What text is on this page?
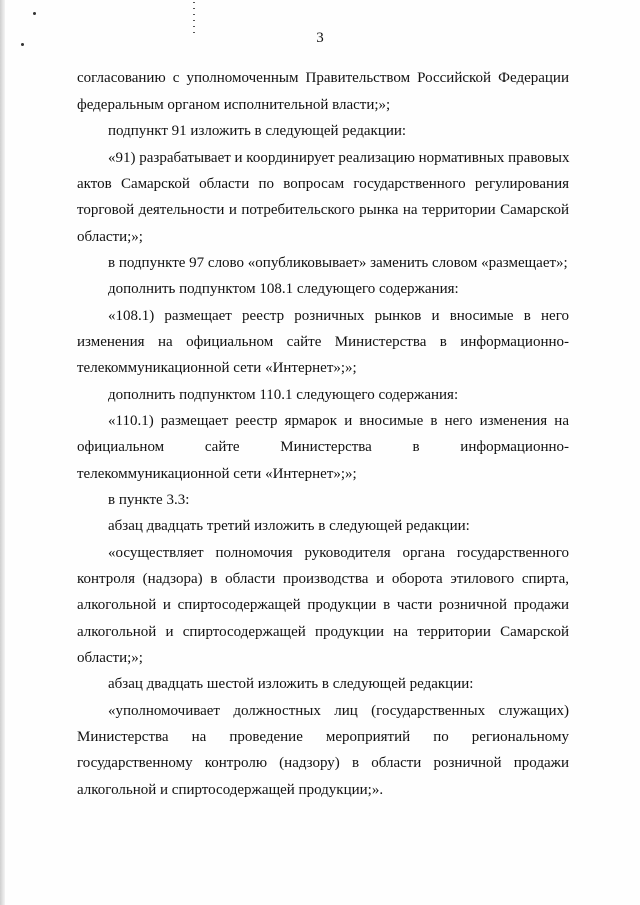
3
согласованию с уполномоченным Правительством Российской Федерации
федеральным органом исполнительной власти;»;
подпункт 91 изложить в следующей редакции:
«91) разрабатывает и координирует реализацию нормативных правовых
актов Самарской области по вопросам государственного регулирования
торговой деятельности и потребительского рынка на территории Самарской
области;»;
в подпункте 97 слово «опубликовывает» заменить словом «размещает»;
дополнить подпунктом 108.1 следующего содержания:
«108.1) размещает реестр розничных рынков и вносимые в него
изменения на официальном сайте Министерства в информационно-
телекоммуникационной сети «Интернет»;»;
дополнить подпунктом 110.1 следующего содержания:
«110.1) размещает реестр ярмарок и вносимые в него изменения на
официальном сайте Министерства в информационно-
телекоммуникационной сети «Интернет»;»;
в пункте 3.3:
абзац двадцать третий изложить в следующей редакции:
«осуществляет полномочия руководителя органа государственного
контроля (надзора) в области производства и оборота этилового спирта,
алкогольной и спиртосодержащей продукции в части розничной продажи
алкогольной и спиртосодержащей продукции на территории Самарской
области;»;
абзац двадцать шестой изложить в следующей редакции:
«уполномочивает должностных лиц (государственных служащих)
Министерства на проведение мероприятий по региональному
государственному контролю (надзору) в области розничной продажи
алкогольной и спиртосодержащей продукции;».
